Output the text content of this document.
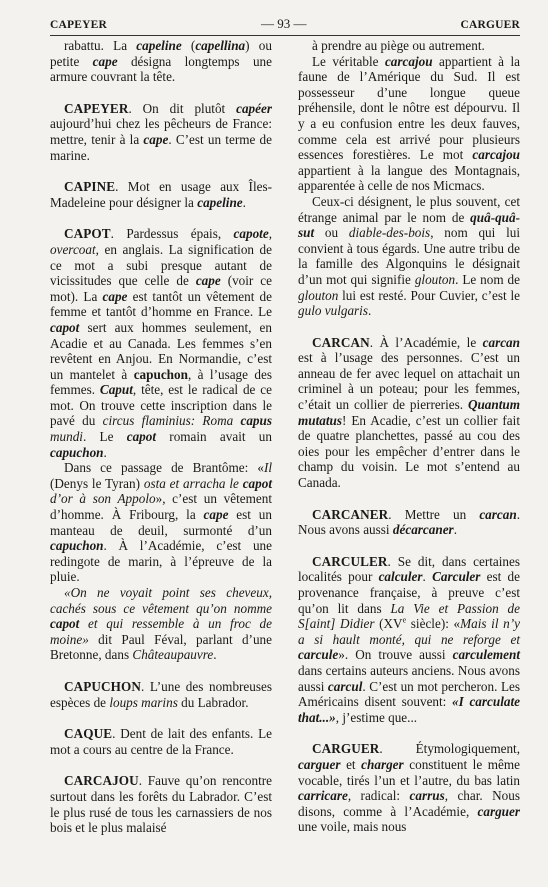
CAPEYER	— 93 —	CARGUER

rabattu. La capeline (capellina) ou petite cape désigna longtemps une armure couvrant la tête.

CAPEYER. On dit plutôt capéer aujourd’hui chez les pêcheurs de France: mettre, tenir à la cape. C’est un terme de marine.

CAPINE. Mot en usage aux Îles-Madeleine pour désigner la capeline.

CAPOT. Pardessus épais, capote, overcoat, en anglais. La signification de ce mot a subi presque autant de vicissitudes que celle de cape (voir ce mot). La cape est tantôt un vêtement de femme et tantôt d’homme en France. Le capot sert aux hommes seulement, en Acadie et au Canada. Les femmes s’en revêtent en Anjou. En Normandie, c’est un mantelet à capuchon, à l’usage des femmes. Caput, tête, est le radical de ce mot. On trouve cette inscription dans le pavé du circus flaminius: Roma capus mundi. Le capot romain avait un capuchon.

Dans ce passage de Brantôme: «Il (Denys le Tyran) osta et arracha le capot d’or à son Appolo», c’est un vêtement d’homme. À Fribourg, la cape est un manteau de deuil, surmonté d’un capuchon. À l’Académie, c’est une redingote de marin, à l’épreuve de la pluie.

«On ne voyait point ses cheveux, cachés sous ce vêtement qu’on nomme capot et qui ressemble à un froc de moine» dit Paul Féval, parlant d’une Bretonne, dans Châteaupauvre.

CAPUCHON. L’une des nombreuses espèces de loups marins du Labrador.

CAQUE. Dent de lait des enfants. Le mot a cours au centre de la France.

CARCAJOU. Fauve qu’on rencontre surtout dans les forêts du Labrador. C’est le plus rusé de tous les carnassiers de nos bois et le plus malaisé

à prendre au piège ou autrement.

Le véritable carcajou appartient à la faune de l’Amérique du Sud. Il est possesseur d’une longue queue préhensile, dont le nôtre est dépourvu. Il y a eu confusion entre les deux fauves, comme cela est arrivé pour plusieurs essences forestières. Le mot carcajou appartient à la langue des Montagnais, apparentée à celle de nos Micmacs.

Ceux-ci désignent, le plus souvent, cet étrange animal par le nom de quâ-quâ-sut ou diable-des-bois, nom qui lui convient à tous égards. Une autre tribu de la famille des Algonquins le désignait d’un mot qui signifie glouton. Le nom de glouton lui est resté. Pour Cuvier, c’est le gulo vulgaris.

CARCAN. À l’Académie, le carcan est à l’usage des personnes. C’est un anneau de fer avec lequel on attachait un criminel à un poteau; pour les femmes, c’était un collier de pierreries. Quantum mutatus! En Acadie, c’est un collier fait de quatre planchettes, passé au cou des oies pour les empêcher d’entrer dans le champ du voisin. Le mot s’entend au Canada.

CARCANER. Mettre un carcan. Nous avons aussi décarcaner.

CARCULER. Se dit, dans certaines localités pour calculer. Carculer est de provenance française, à preuve c’est qu’on lit dans La Vie et Passion de S[aint] Didier (XVe siècle): «Mais il n’y a si hault monté, qui ne reforge et carcule». On trouve aussi carculement dans certains auteurs anciens. Nous avons aussi carcul. C’est un mot percheron. Les Américains disent souvent: «I carculate that...», j’estime que...

CARGUER. Étymologiquement, carguer et charger constituent le même vocable, tirés l’un et l’autre, du bas latin carricare, radical: carrus, char. Nous disons, comme à l’Académie, carguer une voile, mais nous
